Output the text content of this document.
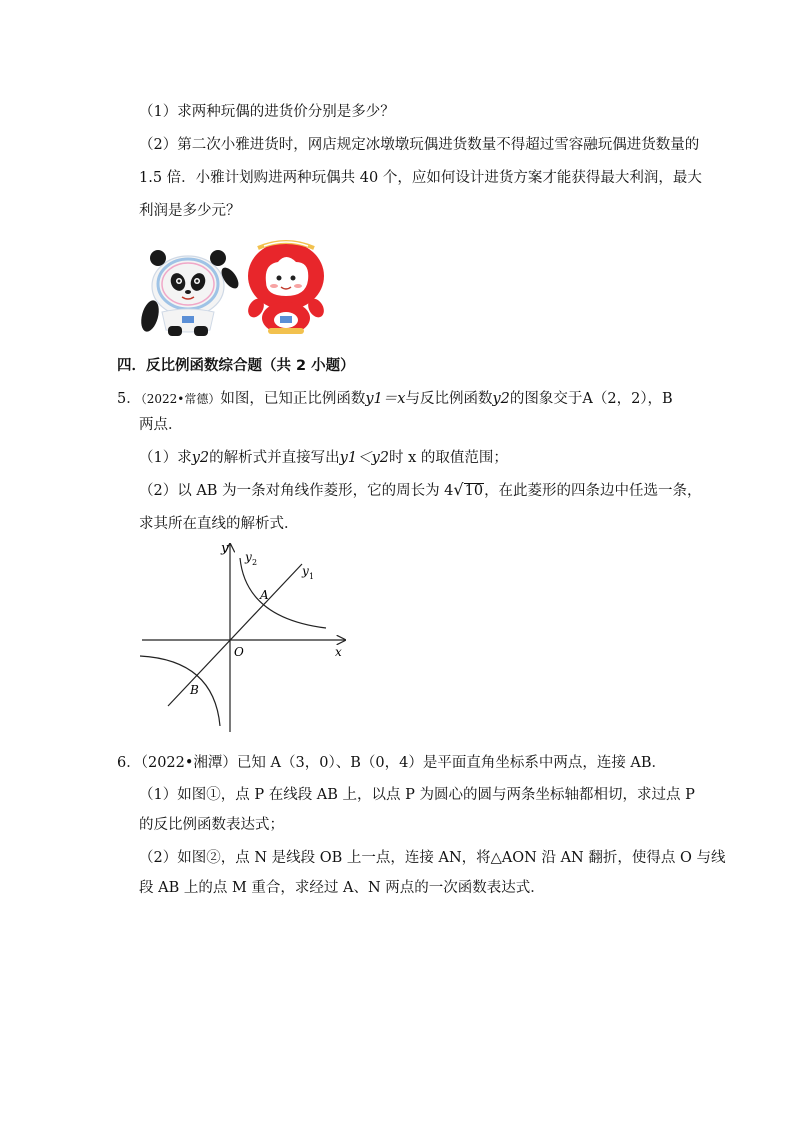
（1）求两种玩偶的进货价分别是多少？
（2）第二次小雅进货时，网店规定冰墩墩玩偶进货数量不得超过雪容融玩偶进货数量的
1.5 倍．小雅计划购进两种玩偶共 40 个，应如何设计进货方案才能获得最大利润，最大
利润是多少元？
四．反比例函数综合题（共 2 小题）
5．（2022•常德）如图，已知正比例函数y1＝x与反比例函数y2的图象交于A（2，2），B
两点．
（1）求y2的解析式并直接写出y1＜y2时 x 的取值范围；
（2）以 AB 为一条对角线作菱形，它的周长为 4√10，在此菱形的四条边中任选一条，
求其所在直线的解析式．
y
y 2
y 1
A
O	x
B
6．（2022•湘潭）已知 A（3，0）、B（0，4）是平面直角坐标系中两点，连接 AB．
（1）如图①，点 P 在线段 AB 上，以点 P 为圆心的圆与两条坐标轴都相切，求过点 P
的反比例函数表达式；
（2）如图②，点 N 是线段 OB 上一点，连接 AN，将△AON 沿 AN 翻折，使得点 O 与线
段 AB 上的点 M 重合，求经过 A、N 两点的一次函数表达式．
